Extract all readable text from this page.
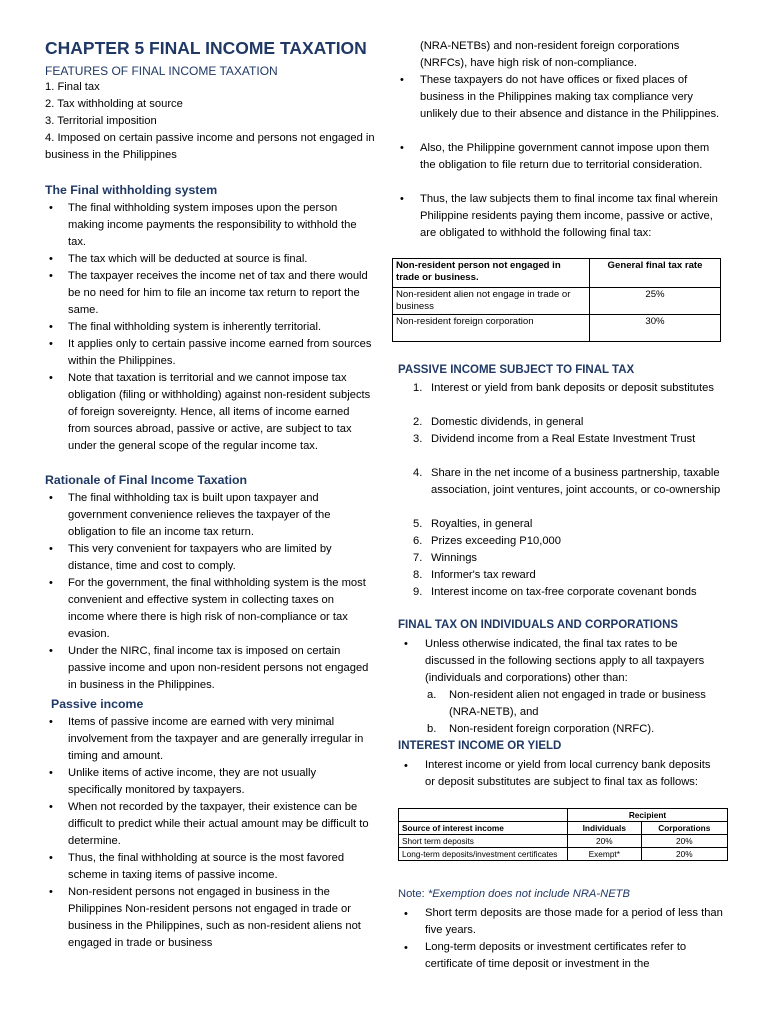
CHAPTER 5 FINAL INCOME TAXATION
FEATURES OF FINAL INCOME TAXATION
1. Final tax
2. Tax withholding at source
3. Territorial imposition
4. Imposed on certain passive income and persons not engaged in business in the Philippines
The Final withholding system
• The final withholding system imposes upon the person making income payments the responsibility to withhold the tax.
• The tax which will be deducted at source is final.
• The taxpayer receives the income net of tax and there would be no need for him to file an income tax return to report the same.
• The final withholding system is inherently territorial.
• It applies only to certain passive income earned from sources within the Philippines.
• Note that taxation is territorial and we cannot impose tax obligation (filing or withholding) against non-resident subjects of foreign sovereignty. Hence, all items of income earned from sources abroad, passive or active, are subject to tax under the general scope of the regular income tax.
Rationale of Final Income Taxation
• The final withholding tax is built upon taxpayer and government convenience relieves the taxpayer of the obligation to file an income tax return.
• This very convenient for taxpayers who are limited by distance, time and cost to comply.
• For the government, the final withholding system is the most convenient and effective system in collecting taxes on income where there is high risk of non-compliance or tax evasion.
• Under the NIRC, final income tax is imposed on certain passive income and upon non-resident persons not engaged in business in the Philippines.
Passive income
• Items of passive income are earned with very minimal involvement from the taxpayer and are generally irregular in timing and amount.
• Unlike items of active income, they are not usually specifically monitored by taxpayers.
• When not recorded by the taxpayer, their existence can be difficult to predict while their actual amount may be difficult to determine.
• Thus, the final withholding at source is the most favored scheme in taxing items of passive income.
• Non-resident persons not engaged in business in the Philippines Non-resident persons not engaged in trade or business in the Philippines, such as non-resident aliens not engaged in trade or business
(NRA-NETBs) and non-resident foreign corporations (NRFCs), have high risk of non-compliance.
• These taxpayers do not have offices or fixed places of business in the Philippines making tax compliance very unlikely due to their absence and distance in the Philippines.
• Also, the Philippine government cannot impose upon them the obligation to file return due to territorial consideration.
• Thus, the law subjects them to final income tax final wherein Philippine residents paying them income, passive or active, are obligated to withhold the following final tax:
Non-resident person not engaged in trade or business.	General final tax rate
Non-resident alien not engage in trade or business	25%
Non-resident foreign corporation	30%
PASSIVE INCOME SUBJECT TO FINAL TAX
1. Interest or yield from bank deposits or deposit substitutes
2. Domestic dividends, in general
3. Dividend income from a Real Estate Investment Trust
4. Share in the net income of a business partnership, taxable association, joint ventures, joint accounts, or co-ownership
5. Royalties, in general
6. Prizes exceeding P10,000
7. Winnings
8. Informer's tax reward
9. Interest income on tax-free corporate covenant bonds
FINAL TAX ON INDIVIDUALS AND CORPORATIONS
• Unless otherwise indicated, the final tax rates to be discussed in the following sections apply to all taxpayers (individuals and corporations) other than:
a. Non-resident alien not engaged in trade or business (NRA-NETB), and
b. Non-resident foreign corporation (NRFC).
INTEREST INCOME OR YIELD
• Interest income or yield from local currency bank deposits or deposit substitutes are subject to final tax as follows:
	Recipient	
Source of interest income	Individuals	Corporations
Short term deposits	20%	20%
Long-term deposits/investment certificates	Exempt*	20%
Note: *Exemption does not include NRA-NETB
• Short term deposits are those made for a period of less than five years.
• Long-term deposits or investment certificates refer to certificate of time deposit or investment in the
